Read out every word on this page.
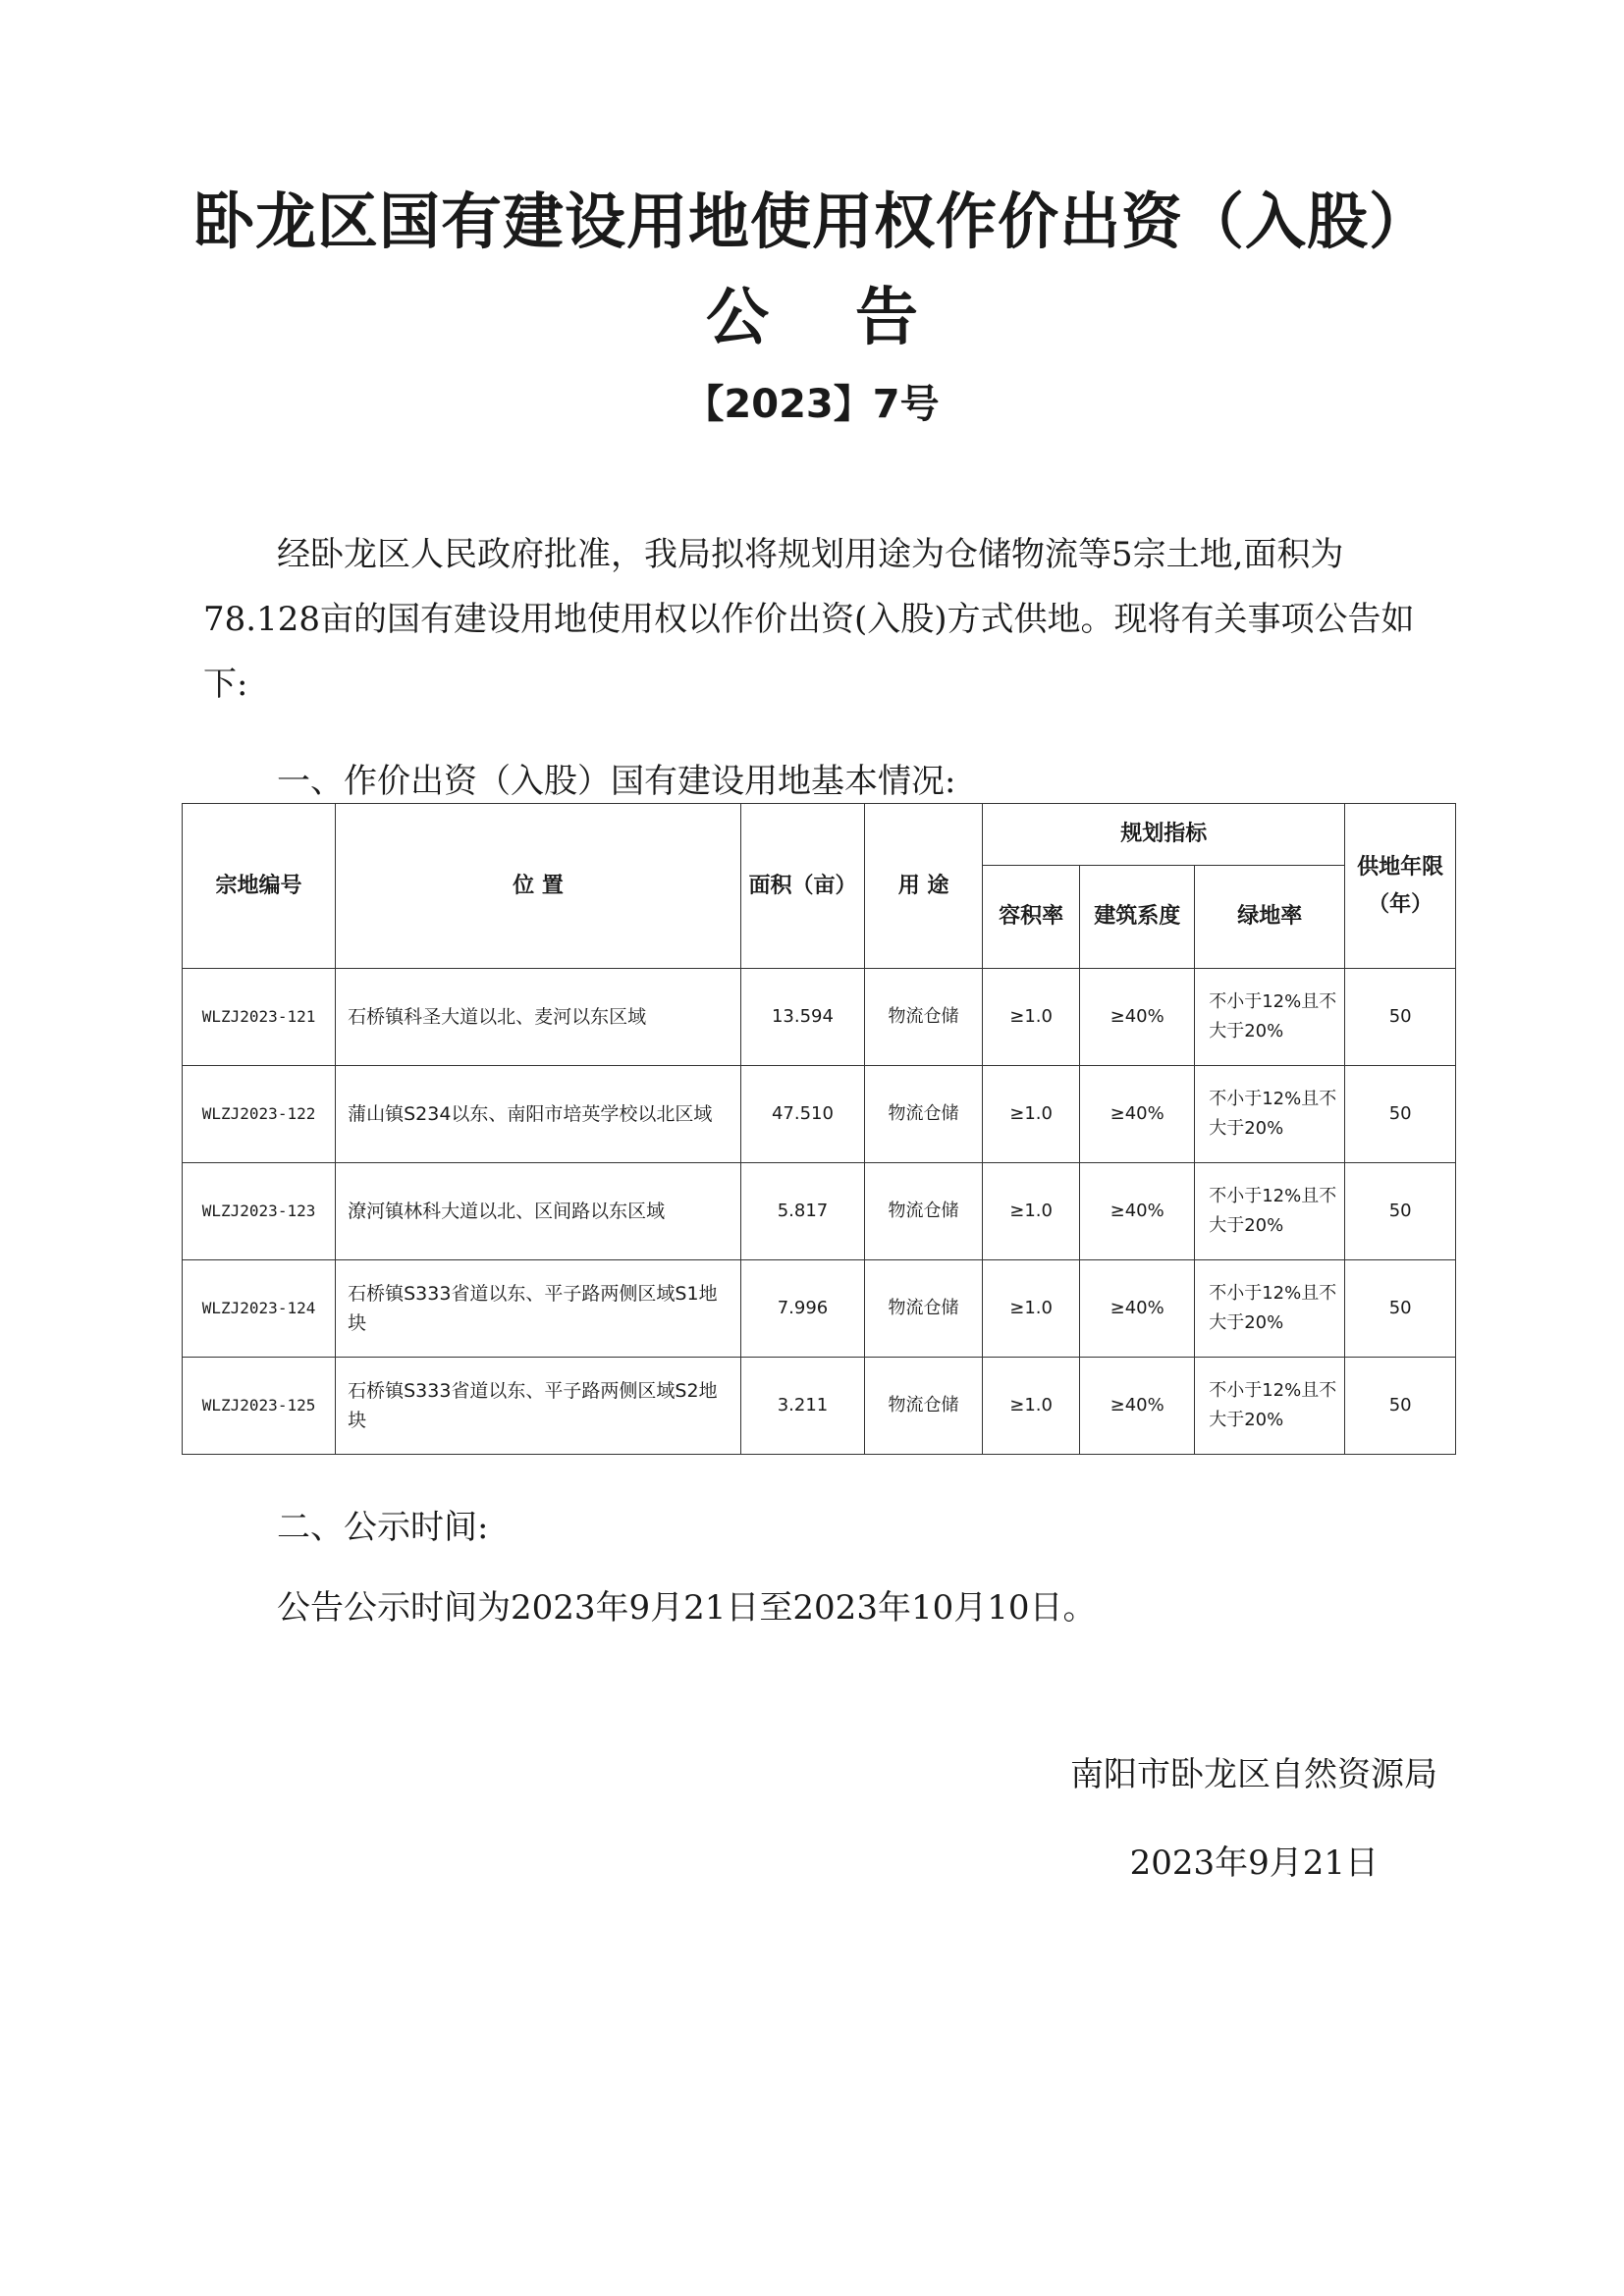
卧龙区国有建设用地使用权作价出资（入股）
公告
【2023】7号
经卧龙区人民政府批准，我局拟将规划用途为仓储物流等5宗土地,面积为78.128亩的国有建设用地使用权以作价出资(入股)方式供地。现将有关事项公告如下:
一、作价出资（入股）国有建设用地基本情况:
宗地编号	位 置	面积（亩）	用 途	规划指标			供地年限（年）
				容积率	建筑系度	绿地率	
WLZJ2023-121	石桥镇科圣大道以北、麦河以东区域	13.594	物流仓储	≥1.0	≥40%	不小于12%且不大于20%	50
WLZJ2023-122	蒲山镇S234以东、南阳市培英学校以北区域	47.510	物流仓储	≥1.0	≥40%	不小于12%且不大于20%	50
WLZJ2023-123	潦河镇林科大道以北、区间路以东区域	5.817	物流仓储	≥1.0	≥40%	不小于12%且不大于20%	50
WLZJ2023-124	石桥镇S333省道以东、平子路两侧区域S1地块	7.996	物流仓储	≥1.0	≥40%	不小于12%且不大于20%	50
WLZJ2023-125	石桥镇S333省道以东、平子路两侧区域S2地块	3.211	物流仓储	≥1.0	≥40%	不小于12%且不大于20%	50
二、公示时间:
公告公示时间为2023年9月21日至2023年10月10日。
南阳市卧龙区自然资源局
2023年9月21日
